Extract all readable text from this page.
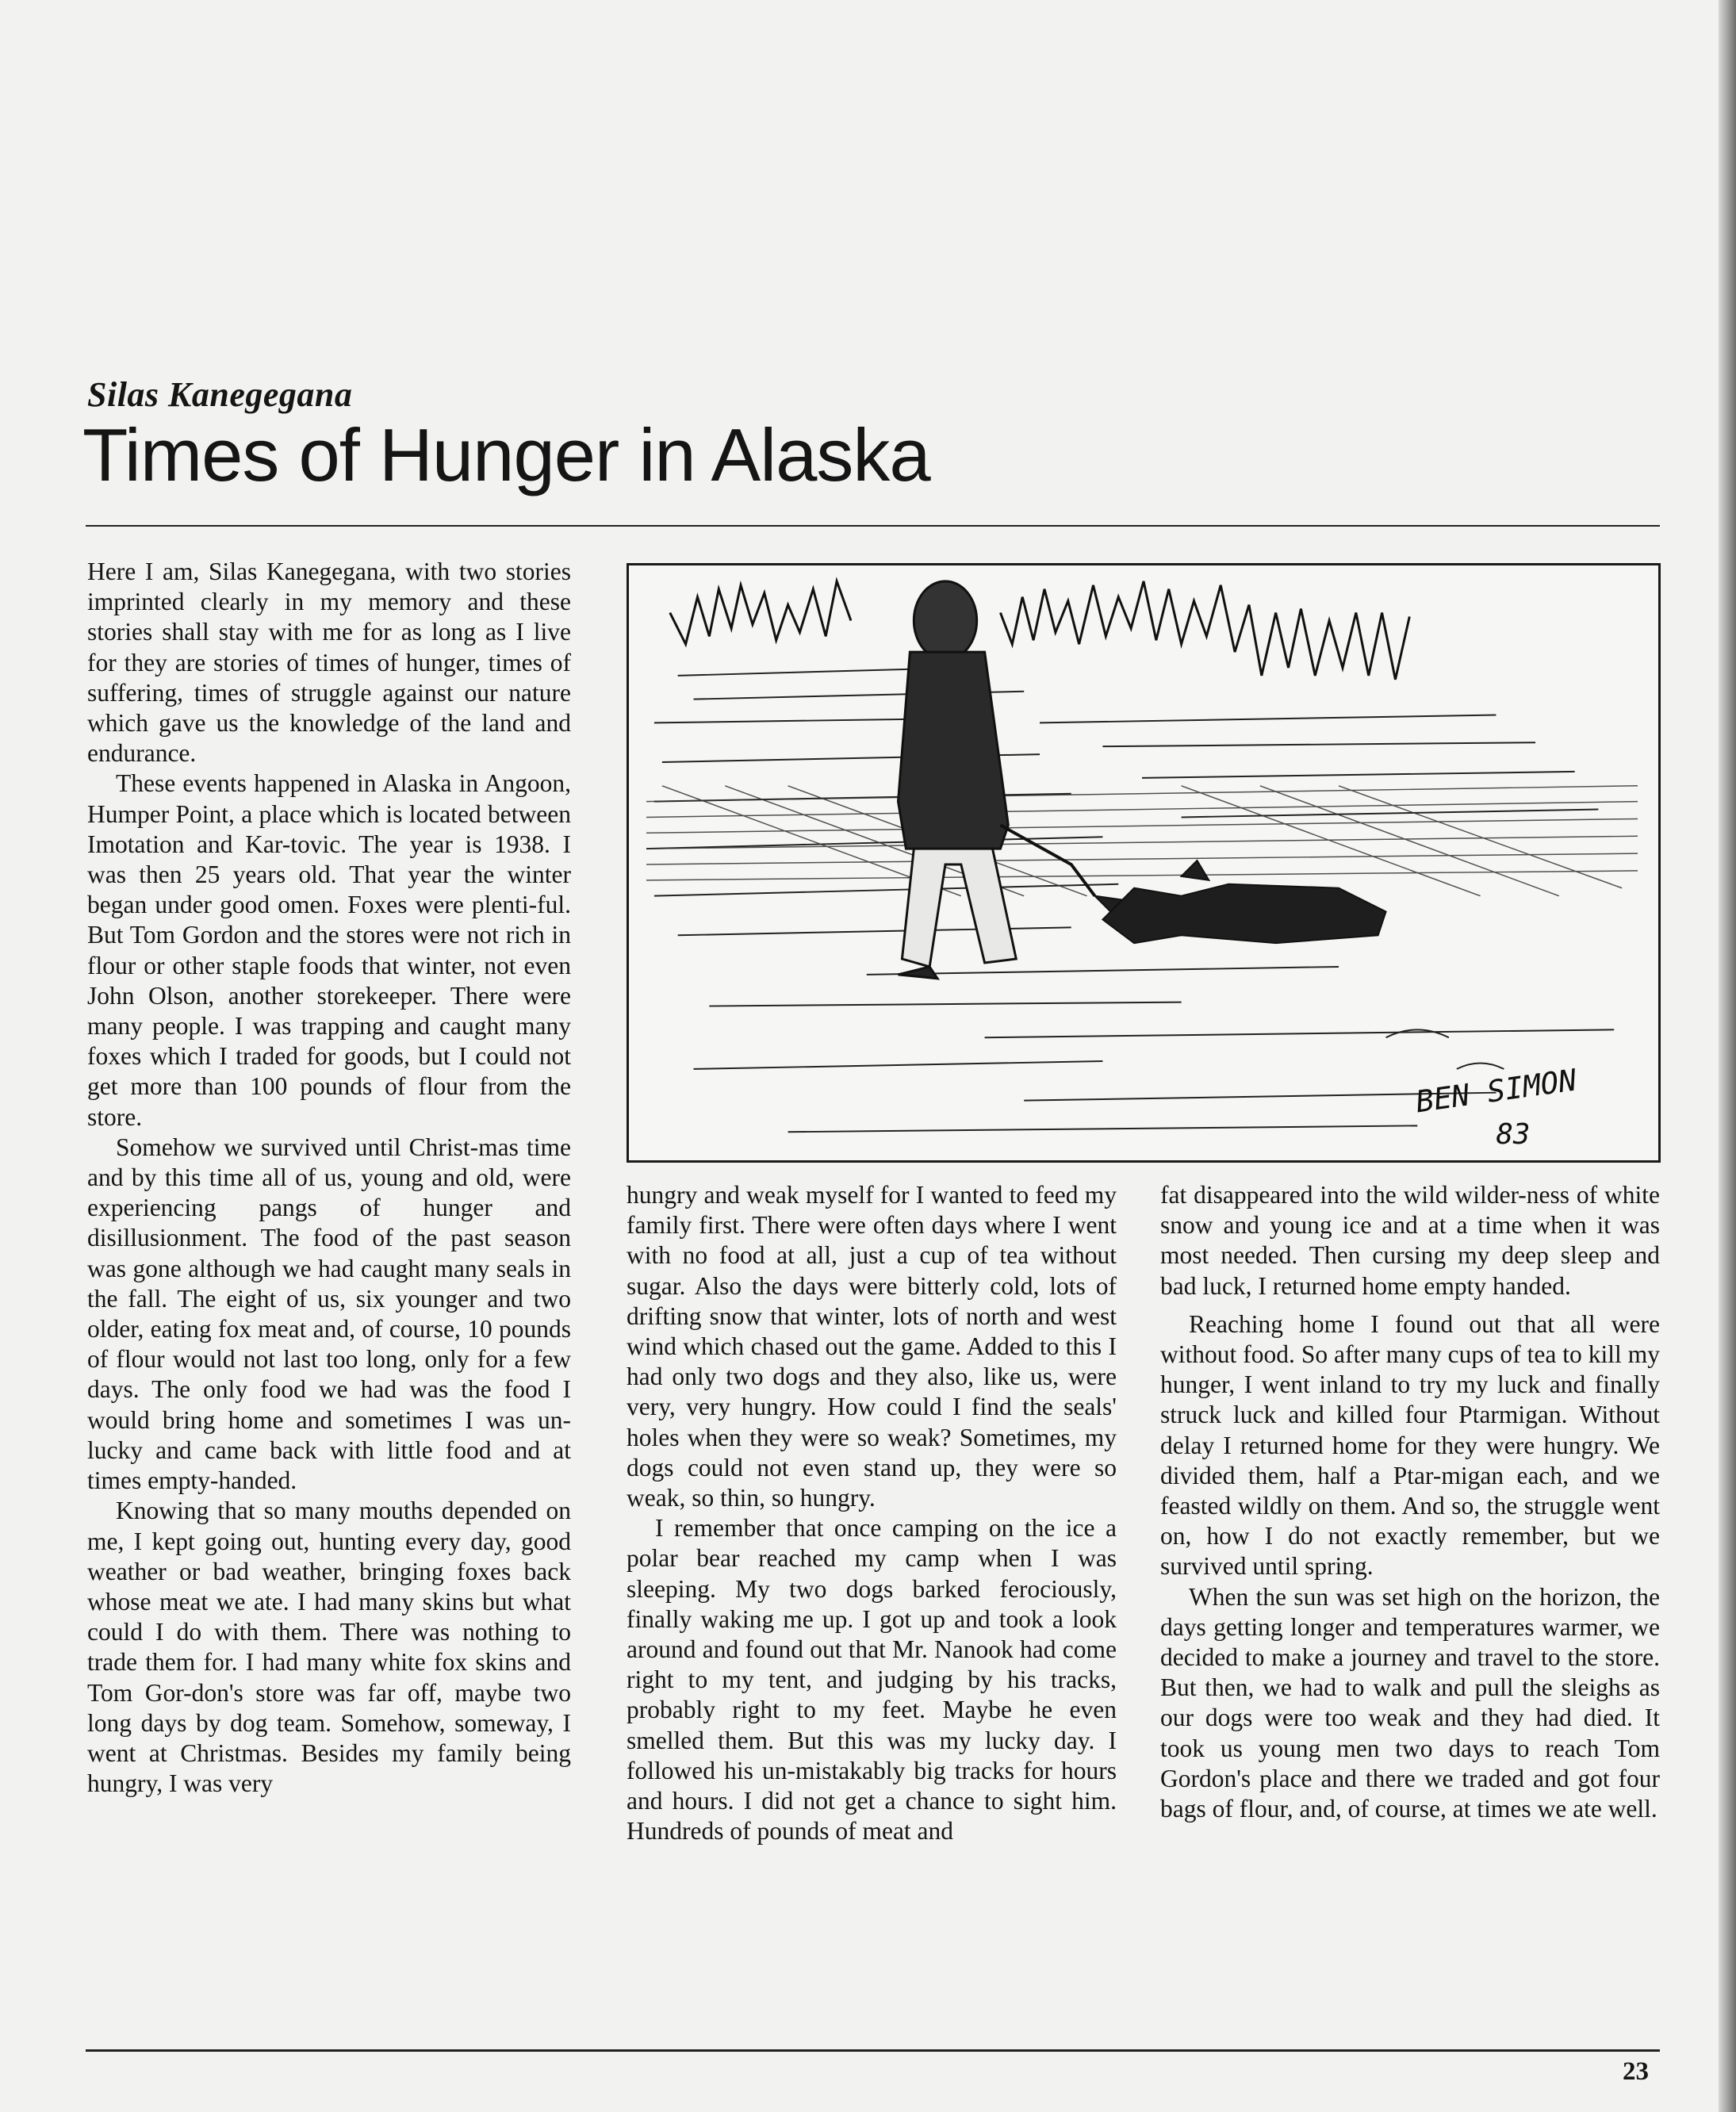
Silas Kanegegana
Times of Hunger in Alaska

Here I am, Silas Kanegegana, with two stories imprinted clearly in my memory and these stories shall stay with me for as long as I live for they are stories of times of hunger, times of suffering, times of struggle against our nature which gave us the knowledge of the land and endurance.

These events happened in Alaska in Angoon, Humper Point, a place which is located between Imotation and Kar-tovic. The year is 1938. I was then 25 years old. That year the winter began under good omen. Foxes were plenti-ful. But Tom Gordon and the stores were not rich in flour or other staple foods that winter, not even John Olson, another storekeeper. There were many people. I was trapping and caught many foxes which I traded for goods, but I could not get more than 100 pounds of flour from the store.

Somehow we survived until Christ-mas time and by this time all of us, young and old, were experiencing pangs of hunger and disillusionment. The food of the past season was gone although we had caught many seals in the fall. The eight of us, six younger and two older, eating fox meat and, of course, 10 pounds of flour would not last too long, only for a few days. The only food we had was the food I would bring home and sometimes I was un-lucky and came back with little food and at times empty-handed.

Knowing that so many mouths depended on me, I kept going out, hunting every day, good weather or bad weather, bringing foxes back whose meat we ate. I had many skins but what could I do with them. There was nothing to trade them for. I had many white fox skins and Tom Gor-don's store was far off, maybe two long days by dog team. Somehow, someway, I went at Christmas. Besides my family being hungry, I was very

BEN SIMON
83

hungry and weak myself for I wanted to feed my family first. There were often days where I went with no food at all, just a cup of tea without sugar. Also the days were bitterly cold, lots of drifting snow that winter, lots of north and west wind which chased out the game. Added to this I had only two dogs and they also, like us, were very, very hungry. How could I find the seals' holes when they were so weak? Sometimes, my dogs could not even stand up, they were so weak, so thin, so hungry.

I remember that once camping on the ice a polar bear reached my camp when I was sleeping. My two dogs barked ferociously, finally waking me up. I got up and took a look around and found out that Mr. Nanook had come right to my tent, and judging by his tracks, probably right to my feet. Maybe he even smelled them. But this was my lucky day. I followed his un-mistakably big tracks for hours and hours. I did not get a chance to sight him. Hundreds of pounds of meat and

fat disappeared into the wild wilder-ness of white snow and young ice and at a time when it was most needed. Then cursing my deep sleep and bad luck, I returned home empty handed.

Reaching home I found out that all were without food. So after many cups of tea to kill my hunger, I went inland to try my luck and finally struck luck and killed four Ptarmigan. Without delay I returned home for they were hungry. We divided them, half a Ptar-migan each, and we feasted wildly on them. And so, the struggle went on, how I do not exactly remember, but we survived until spring.

When the sun was set high on the horizon, the days getting longer and temperatures warmer, we decided to make a journey and travel to the store. But then, we had to walk and pull the sleighs as our dogs were too weak and they had died. It took us young men two days to reach Tom Gordon's place and there we traded and got four bags of flour, and, of course, at times we ate well.

23
